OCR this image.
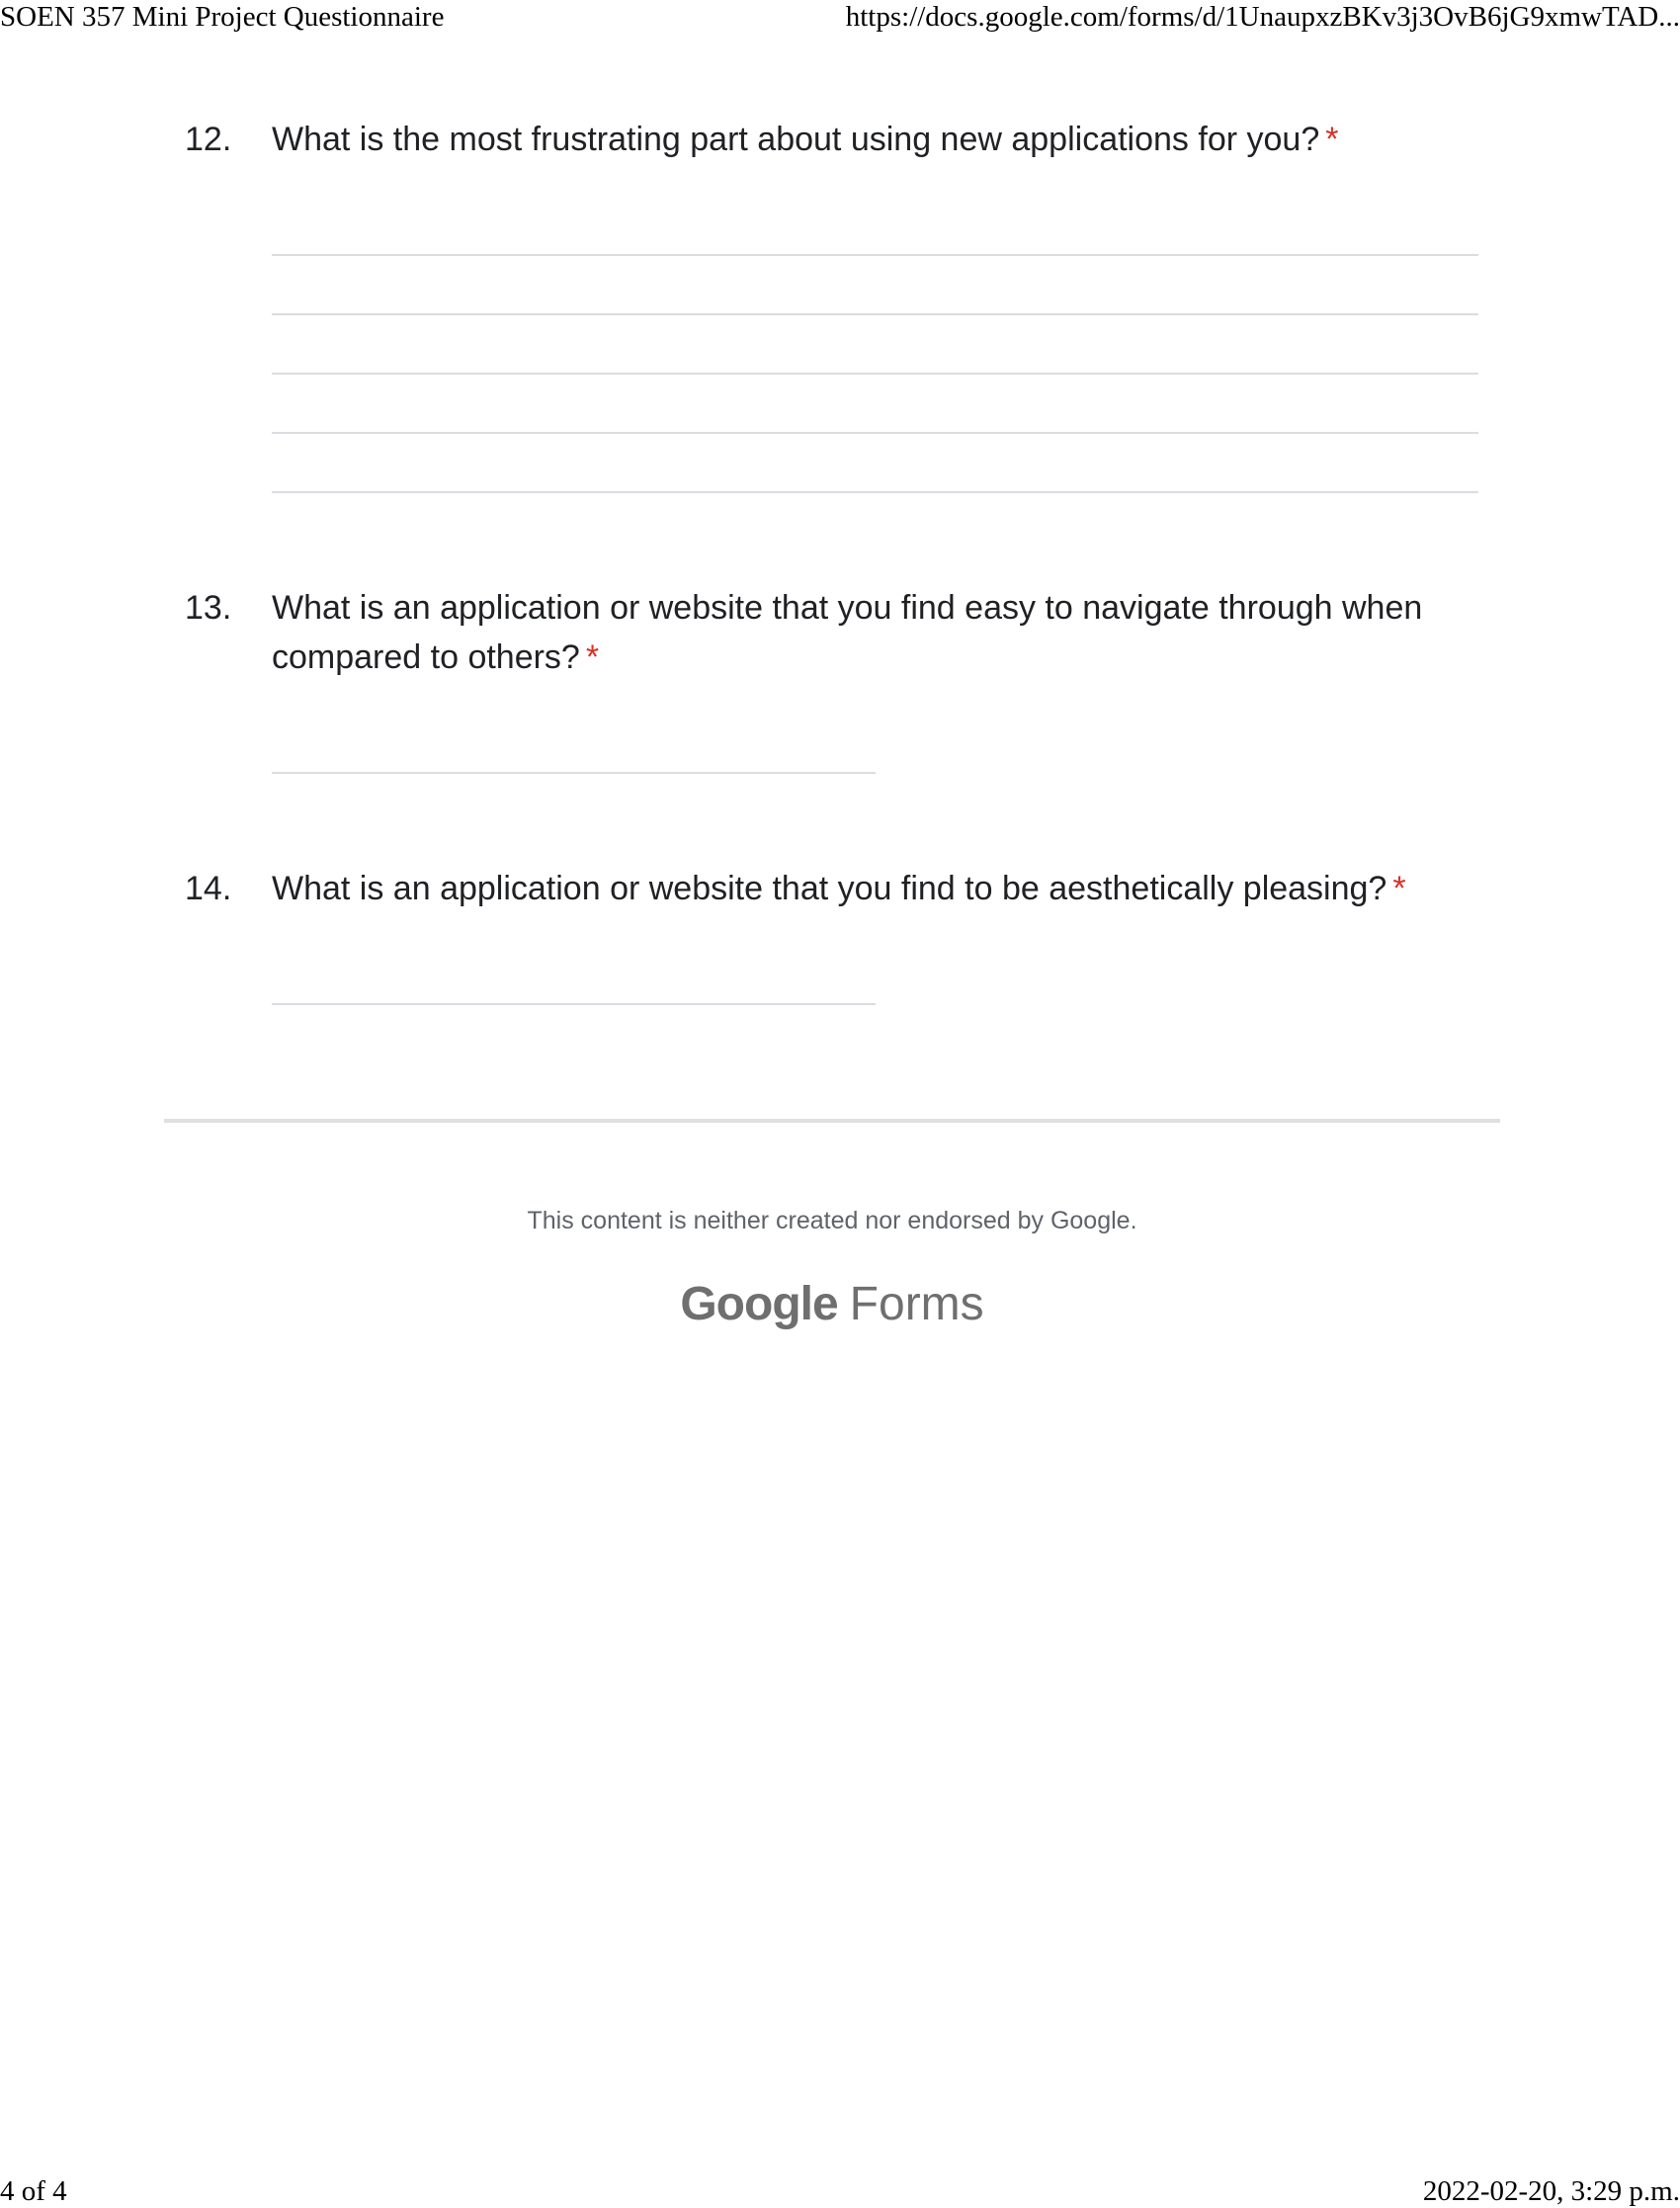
SOEN 357 Mini Project Questionnaire	https://docs.google.com/forms/d/1UnaupxzBKv3j3OvB6jG9xmwTAD...
12. What is the most frustrating part about using new applications for you? *
13. What is an application or website that you find easy to navigate through when compared to others? *
14. What is an application or website that you find to be aesthetically pleasing? *
This content is neither created nor endorsed by Google.
Google Forms
4 of 4	2022-02-20, 3:29 p.m.
